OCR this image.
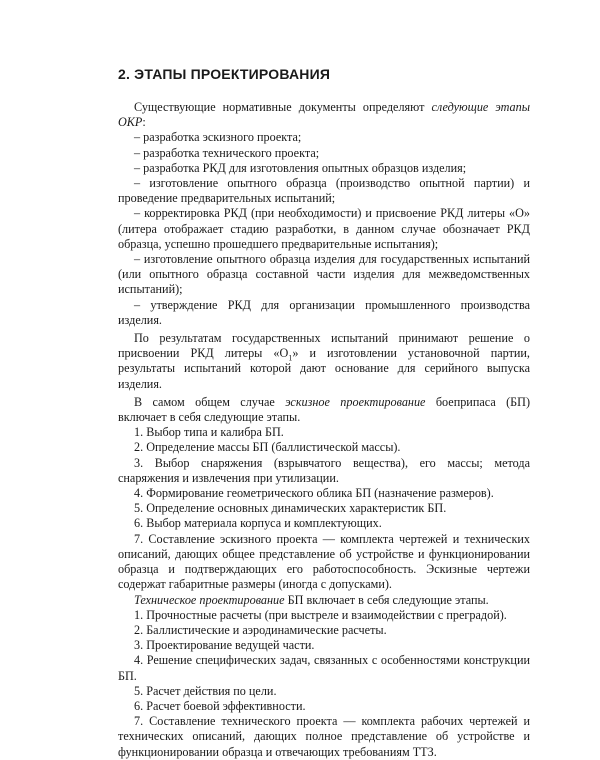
2. ЭТАПЫ ПРОЕКТИРОВАНИЯ

Существующие нормативные документы определяют следующие этапы ОКР:

– разработка эскизного проекта;

– разработка технического проекта;

– разработка РКД для изготовления опытных образцов изделия;

– изготовление опытного образца (производство опытной партии) и проведение предварительных испытаний;

– корректировка РКД (при необходимости) и присвоение РКД литеры «О» (литера отображает стадию разработки, в данном случае обозначает РКД образца, успешно прошедшего предварительные испытания);

– изготовление опытного образца изделия для государственных испытаний (или опытного образца составной части изделия для межведомственных испытаний);

– утверждение РКД для организации промышленного производства изделия.

По результатам государственных испытаний принимают решение о присвоении РКД литеры «$О_1$» и изготовлении установочной партии, результаты испытаний которой дают основание для серийного выпуска изделия.

В самом общем случае эскизное проектирование боеприпаса (БП) включает в себя следующие этапы.

1. Выбор типа и калибра БП.

2. Определение массы БП (баллистической массы).

3. Выбор снаряжения (взрывчатого вещества), его массы; метода снаряжения и извлечения при утилизации.

4. Формирование геометрического облика БП (назначение размеров).

5. Определение основных динамических характеристик БП.

6. Выбор материала корпуса и комплектующих.

7. Составление эскизного проекта — комплекта чертежей и технических описаний, дающих общее представление об устройстве и функционировании образца и подтверждающих его работоспособность. Эскизные чертежи содержат габаритные размеры (иногда с допусками).

Техническое проектирование БП включает в себя следующие этапы.

1. Прочностные расчеты (при выстреле и взаимодействии с преградой).

2. Баллистические и аэродинамические расчеты.

3. Проектирование ведущей части.

4. Решение специфических задач, связанных с особенностями конструкции БП.

5. Расчет действия по цели.

6. Расчет боевой эффективности.

7. Составление технического проекта — комплекта рабочих чертежей и технических описаний, дающих полное представление об устройстве и функционировании образца и отвечающих требованиям ТТЗ.
